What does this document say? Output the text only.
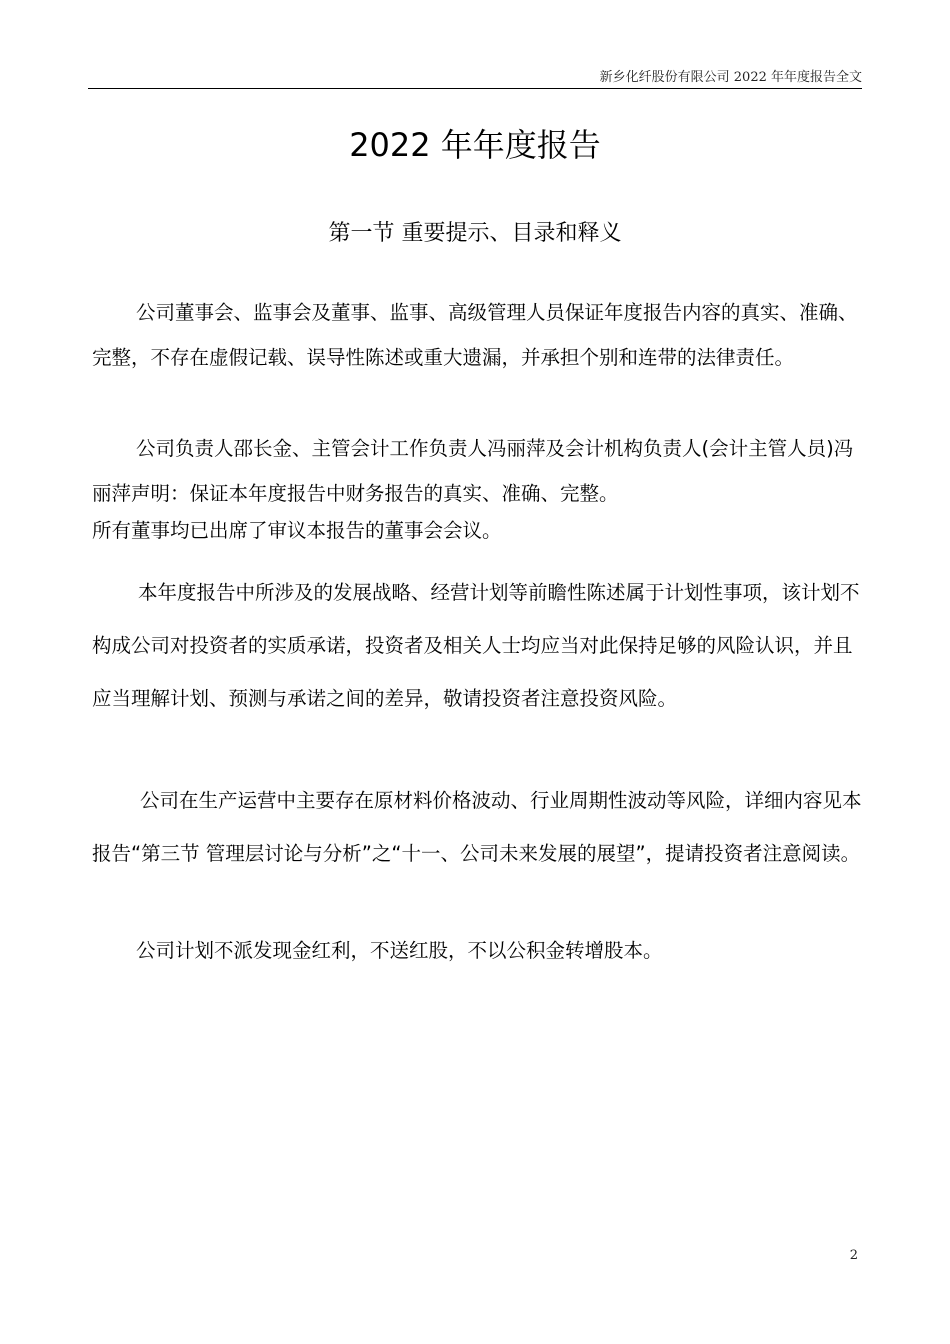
新乡化纤股份有限公司 2022 年年度报告全文
2022 年年度报告
第一节 重要提示、目录和释义

公司董事会、监事会及董事、监事、高级管理人员保证年度报告内容的真实、准确、完整，不存在虚假记载、误导性陈述或重大遗漏，并承担个别和连带的法律责任。

公司负责人邵长金、主管会计工作负责人冯丽萍及会计机构负责人(会计主管人员)冯丽萍声明：保证本年度报告中财务报告的真实、准确、完整。

所有董事均已出席了审议本报告的董事会会议。

本年度报告中所涉及的发展战略、经营计划等前瞻性陈述属于计划性事项，该计划不构成公司对投资者的实质承诺，投资者及相关人士均应当对此保持足够的风险认识，并且应当理解计划、预测与承诺之间的差异，敬请投资者注意投资风险。

公司在生产运营中主要存在原材料价格波动、行业周期性波动等风险，详细内容见本报告“第三节 管理层讨论与分析”之“十一、公司未来发展的展望”，提请投资者注意阅读。

公司计划不派发现金红利，不送红股，不以公积金转增股本。

2
